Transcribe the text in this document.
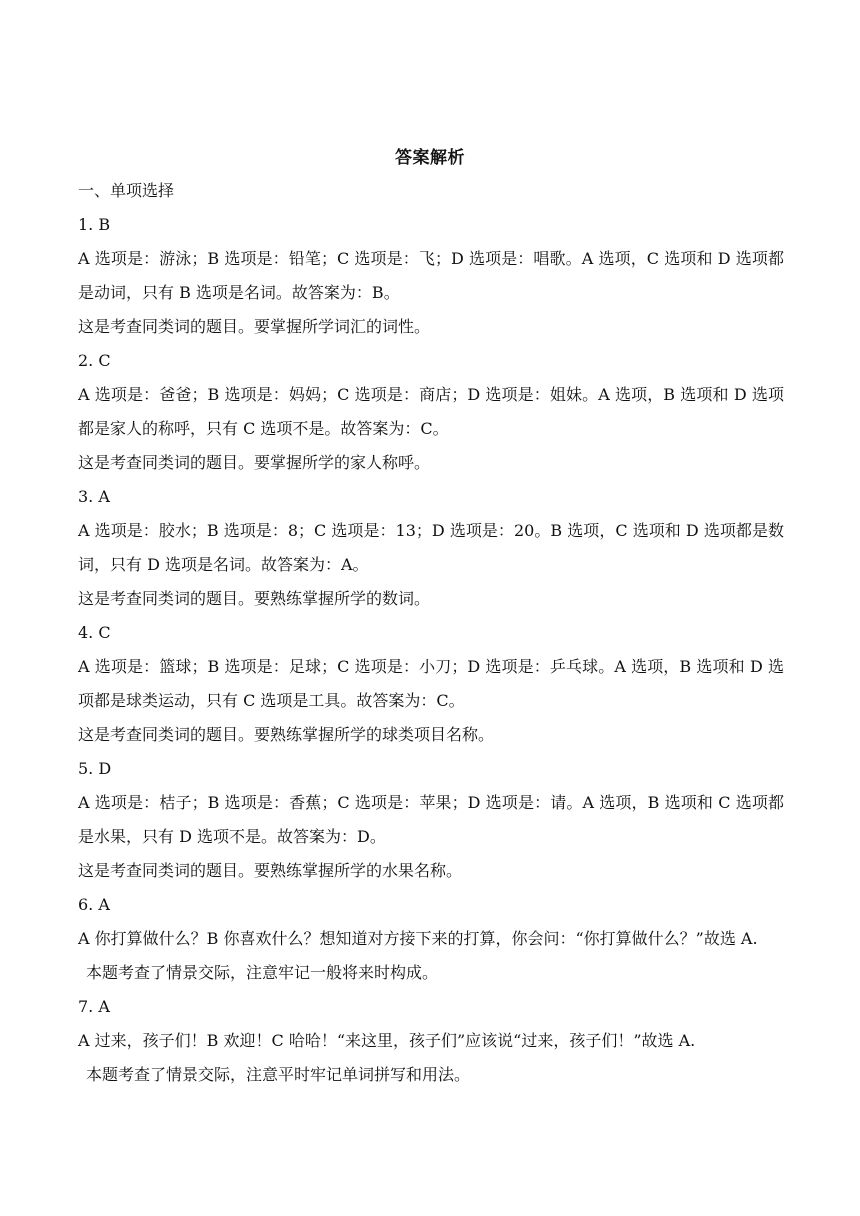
答案解析
一、单项选择
1. B
A 选项是：游泳；B 选项是：铅笔；C 选项是：飞；D 选项是：唱歌。A 选项，C 选项和 D 选项都是动词，只有 B 选项是名词。故答案为：B。
这是考查同类词的题目。要掌握所学词汇的词性。
2. C
A 选项是：爸爸；B 选项是：妈妈；C 选项是：商店；D 选项是：姐妹。A 选项，B 选项和 D 选项都是家人的称呼，只有 C 选项不是。故答案为：C。
这是考查同类词的题目。要掌握所学的家人称呼。
3. A
A 选项是：胶水；B 选项是：8；C 选项是：13；D 选项是：20。B 选项，C 选项和 D 选项都是数词，只有 D 选项是名词。故答案为：A。
这是考查同类词的题目。要熟练掌握所学的数词。
4. C
A 选项是：篮球；B 选项是：足球；C 选项是：小刀；D 选项是：乒乓球。A 选项，B 选项和 D 选项都是球类运动，只有 C 选项是工具。故答案为：C。
这是考查同类词的题目。要熟练掌握所学的球类项目名称。
5. D
A 选项是：桔子；B 选项是：香蕉；C 选项是：苹果；D 选项是：请。A 选项，B 选项和 C 选项都是水果，只有 D 选项不是。故答案为：D。
这是考查同类词的题目。要熟练掌握所学的水果名称。
6. A
A 你打算做什么？B 你喜欢什么？想知道对方接下来的打算，你会问：“你打算做什么？”故选 A.
本题考查了情景交际，注意牢记一般将来时构成。
7. A
A 过来，孩子们！B 欢迎！C 哈哈！“来这里，孩子们”应该说“过来，孩子们！”故选 A.
本题考查了情景交际，注意平时牢记单词拼写和用法。
